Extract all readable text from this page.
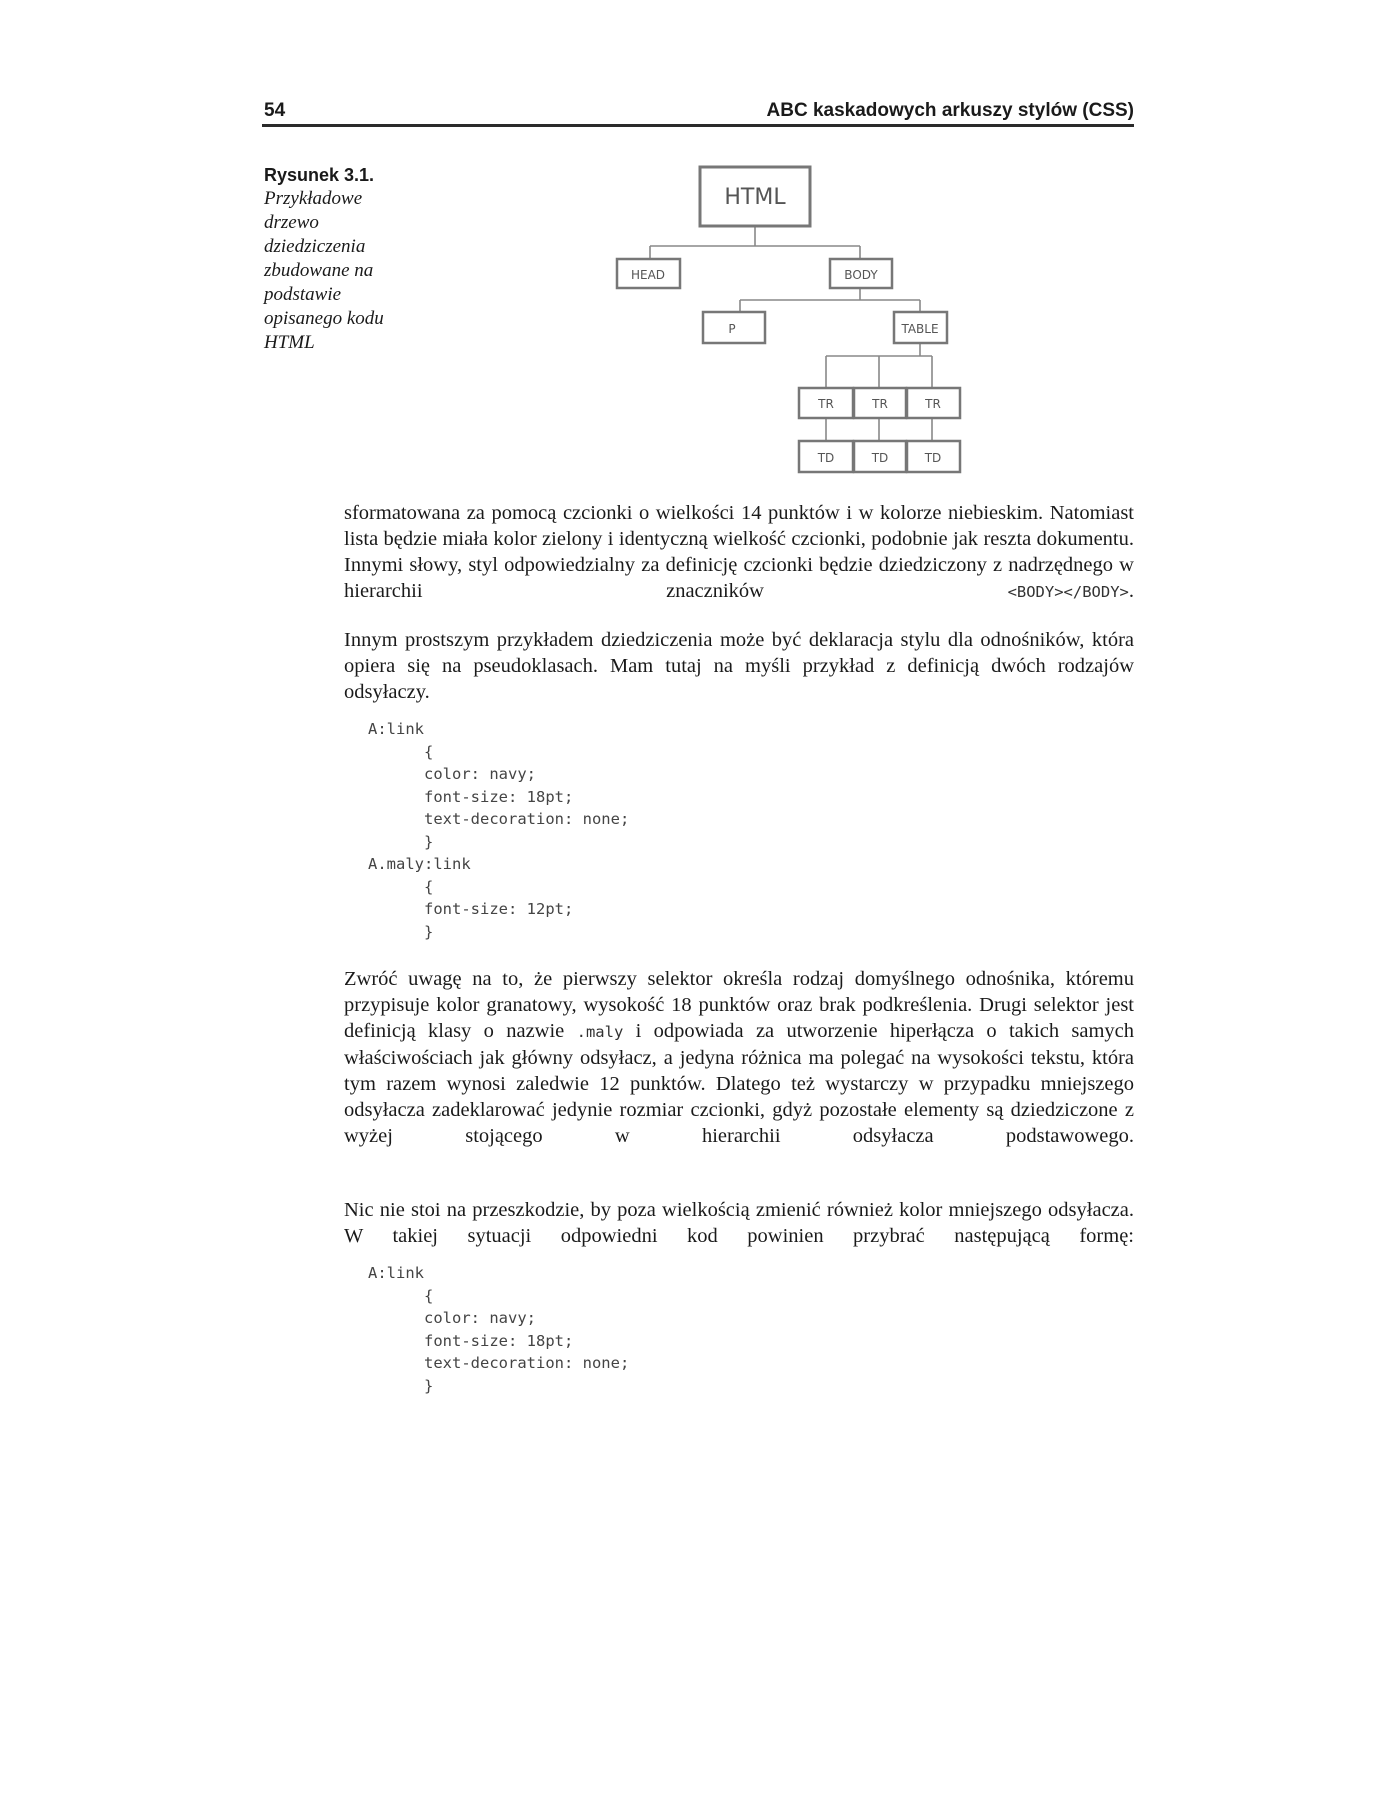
54	ABC kaskadowych arkuszy stylów (CSS)
Rysunek 3.1.
Przykładowe drzewo dziedziczenia zbudowane na podstawie opisanego kodu HTML
HTML
HEAD	BODY
P	TABLE
TR	TR	TR
TD	TD	TD

sformatowana za pomocą czcionki o wielkości 14 punktów i w kolorze niebieskim. Natomiast lista będzie miała kolor zielony i identyczną wielkość czcionki, podobnie jak reszta dokumentu. Innymi słowy, styl odpowiedzialny za definicję czcionki będzie dziedziczony z nadrzędnego w hierarchii znaczników	<BODY></BODY>.

Innym prostszym przykładem dziedziczenia może być deklaracja stylu dla odnośników, która opiera się na pseudoklasach. Mam tutaj na myśli przykład z definicją dwóch rodzajów odsyłaczy.

A:link
{
color: navy;
font-size: 18pt;
text-decoration: none;
}
A.maly:link
{
font-size: 12pt;
}

Zwróć uwagę na to, że pierwszy selektor określa rodzaj domyślnego odnośnika, któremu przypisuje kolor granatowy, wysokość 18 punktów oraz brak podkreślenia. Drugi selektor jest definicją klasy o nazwie .maly i odpowiada za utworzenie hiperłącza o takich samych właściwościach jak główny odsyłacz, a jedyna różnica ma polegać na wysokości tekstu, która tym razem wynosi zaledwie 12 punktów. Dlatego też wystarczy w przypadku mniejszego odsyłacza zadeklarować jedynie rozmiar czcionki, gdyż pozostałe elementy są dziedziczone z wyżej stojącego w hierarchii odsyłacza podstawowego.

Nic nie stoi na przeszkodzie, by poza wielkością zmienić również kolor mniejszego odsyłacza. W takiej sytuacji odpowiedni kod powinien przybrać następującą formę:

A:link
{
color: navy;
font-size: 18pt;
text-decoration: none;
}
